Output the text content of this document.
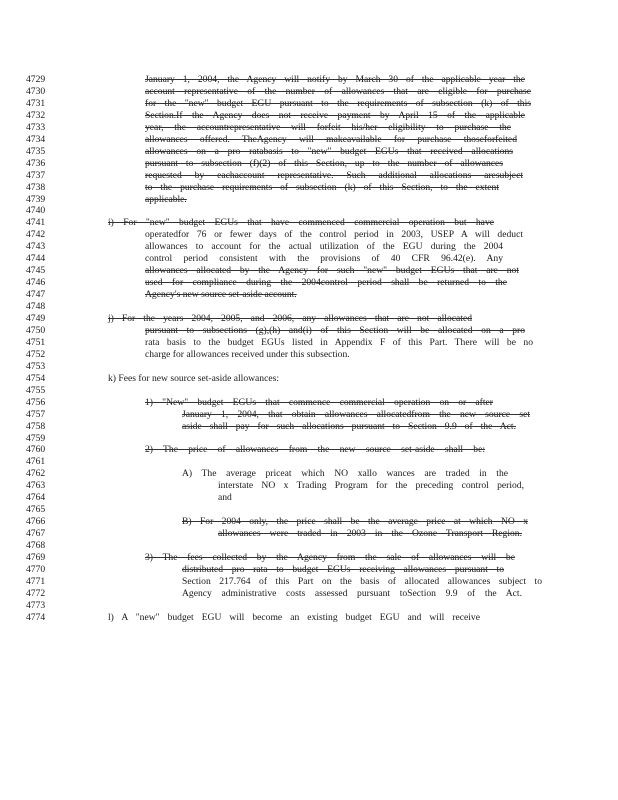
4729	January 1, 2004, the Agency will notify by March 30 of the applicable year the
4730	account representative of the number of allowances that are eligible for purchase
4731	for the "new" budget EGU pursuant to the requirements of subsection (k) of this
4732	Section.If the Agency does not receive payment by April 15 of the applicable
4733	year, the accountrepresentative will forfeit his/her eligibility to purchase the
4734	allowances offered. TheAgency will makeavailable for purchase thoseforfeited
4735	allowances on a pro ratabasis to "new" budget EGUs that received allocations
4736	pursuant to subsection (f)(2) of this Section, up to the number of allowances
4737	requested by eachaccount representative. Such additional allocations aresubject
4738	to the purchase requirements of subsection (k) of this Section, to the extent
4739	applicable.
4740
4741	i) For "new" budget EGUs that have commenced commercial operation but have
4742	operatedfor 76 or fewer days of the control period in 2003, USEP A will deduct
4743	allowances to account for the actual utilization of the EGU during the 2004
4744	control period consistent with the provisions of 40 CFR 96.42(e). Any
4745	allowances allocated by the Agency for such "new" budget EGUs that are not
4746	used for compliance during the 2004control period shall be returned to the
4747	Agency's new source set-aside account.
4748
4749	j) For the years 2004, 2005, and 2006, any allowances that are not allocated
4750	pursuant to subsections (g),(h) and(i) of this Section will be allocated on a pro
4751	rata basis to the budget EGUs listed in Appendix F of this Part. There will be no
4752	charge for allowances received under this subsection.
4753
4754	k) Fees for new source set-aside allowances:
4755
4756	1) "New" budget EGUs that commence commercial operation on or after
4757	January 1, 2004, that obtain allowances allocatedfrom the new source set
4758	aside shall pay for such allocations pursuant to Section 9.9 of the Act.
4759
4760	2) The price of allowances from the new source set-aside shall be:
4761
4762	A) The average priceat which NO xallo wances are traded in the
4763	interstate NO x Trading Program for the preceding control period,
4764	and
4765
4766	B) For 2004 only, the price shall be the average price at which NO x
4767	allowances were traded in 2003 in the Ozone Transport Region.
4768
4769	3) The fees collected by the Agency from the sale of allowances will be
4770	distributed pro rata to budget EGUs receiving allowances pursuant to
4771	Section 217.764 of this Part on the basis of allocated allowances subject to
4772	Agency administrative costs assessed pursuant toSection 9.9 of the Act.
4773
4774	l) A "new" budget EGU will become an existing budget EGU and will receive
